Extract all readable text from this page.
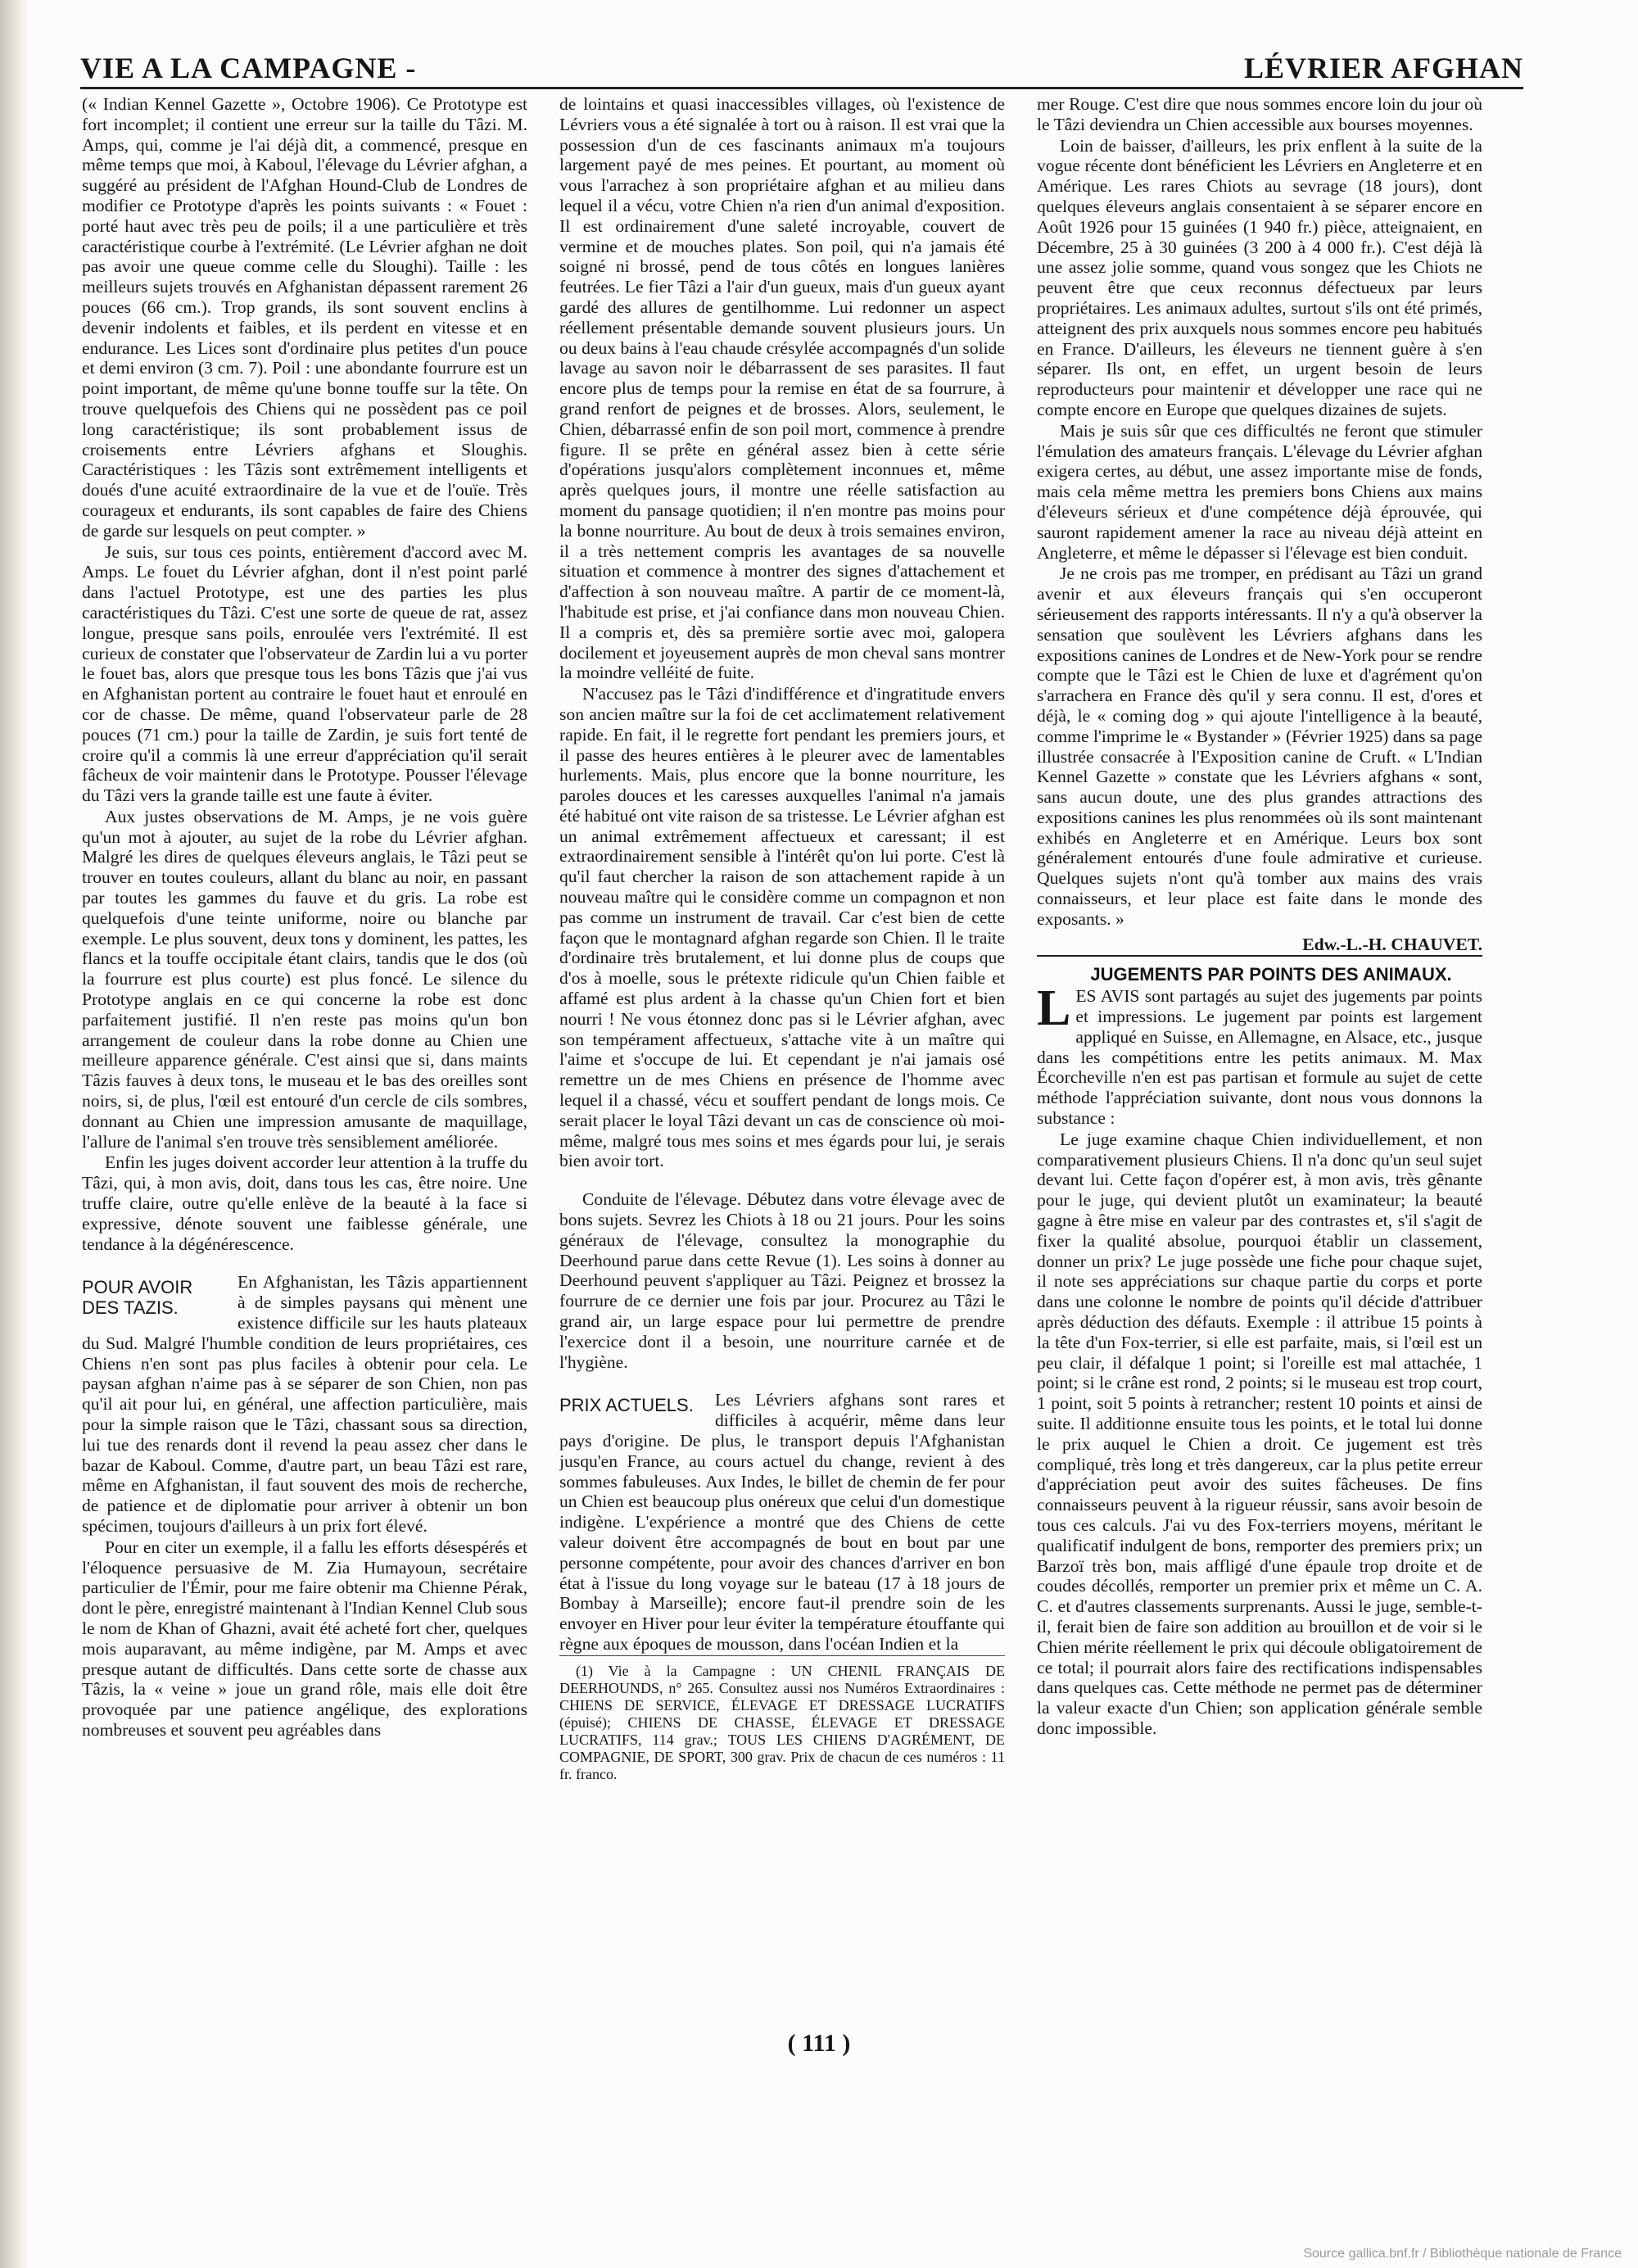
VIE A LA CAMPAGNE -	LÉVRIER AFGHAN

(« Indian Kennel Gazette », Octobre 1906). Ce Prototype est fort incomplet; il contient une erreur sur la taille du Tâzi. M. Amps, qui, comme je l'ai déjà dit, a commencé, presque en même temps que moi, à Kaboul, l'élevage du Lévrier afghan, a suggéré au président de l'Afghan Hound-Club de Londres de modifier ce Prototype d'après les points suivants : « Fouet : porté haut avec très peu de poils; il a une particulière et très caractéristique courbe à l'extrémité. (Le Lévrier afghan ne doit pas avoir une queue comme celle du Sloughi). Taille : les meilleurs sujets trouvés en Afghanistan dépassent rarement 26 pouces (66 cm.). Trop grands, ils sont souvent enclins à devenir indolents et faibles, et ils perdent en vitesse et en endurance. Les Lices sont d'ordinaire plus petites d'un pouce et demi environ (3 cm. 7). Poil : une abondante fourrure est un point important, de même qu'une bonne touffe sur la tête. On trouve quelquefois des Chiens qui ne possèdent pas ce poil long caractéristique; ils sont probablement issus de croisements entre Lévriers afghans et Sloughis. Caractéristiques : les Tâzis sont extrêmement intelligents et doués d'une acuité extraordinaire de la vue et de l'ouïe. Très courageux et endurants, ils sont capables de faire des Chiens de garde sur lesquels on peut compter. »

Je suis, sur tous ces points, entièrement d'accord avec M. Amps. Le fouet du Lévrier afghan, dont il n'est point parlé dans l'actuel Prototype, est une des parties les plus caractéristiques du Tâzi. C'est une sorte de queue de rat, assez longue, presque sans poils, enroulée vers l'extrémité. Il est curieux de constater que l'observateur de Zardin lui a vu porter le fouet bas, alors que presque tous les bons Tâzis que j'ai vus en Afghanistan portent au contraire le fouet haut et enroulé en cor de chasse. De même, quand l'observateur parle de 28 pouces (71 cm.) pour la taille de Zardin, je suis fort tenté de croire qu'il a commis là une erreur d'appréciation qu'il serait fâcheux de voir maintenir dans le Prototype. Pousser l'élevage du Tâzi vers la grande taille est une faute à éviter.

Aux justes observations de M. Amps, je ne vois guère qu'un mot à ajouter, au sujet de la robe du Lévrier afghan. Malgré les dires de quelques éleveurs anglais, le Tâzi peut se trouver en toutes couleurs, allant du blanc au noir, en passant par toutes les gammes du fauve et du gris. La robe est quelquefois d'une teinte uniforme, noire ou blanche par exemple. Le plus souvent, deux tons y dominent, les pattes, les flancs et la touffe occipitale étant clairs, tandis que le dos (où la fourrure est plus courte) est plus foncé. Le silence du Prototype anglais en ce qui concerne la robe est donc parfaitement justifié. Il n'en reste pas moins qu'un bon arrangement de couleur dans la robe donne au Chien une meilleure apparence générale. C'est ainsi que si, dans maints Tâzis fauves à deux tons, le museau et le bas des oreilles sont noirs, si, de plus, l'œil est entouré d'un cercle de cils sombres, donnant au Chien une impression amusante de maquillage, l'allure de l'animal s'en trouve très sensiblement améliorée.

Enfin les juges doivent accorder leur attention à la truffe du Tâzi, qui, à mon avis, doit, dans tous les cas, être noire. Une truffe claire, outre qu'elle enlève de la beauté à la face si expressive, dénote souvent une faiblesse générale, une tendance à la dégénérescence.

POUR AVOIR DES TAZIS.
En Afghanistan, les Tâzis appartiennent à de simples paysans qui mènent une existence difficile sur les hauts plateaux du Sud. Malgré l'humble condition de leurs propriétaires, ces Chiens n'en sont pas plus faciles à obtenir pour cela. Le paysan afghan n'aime pas à se séparer de son Chien, non pas qu'il ait pour lui, en général, une affection particulière, mais pour la simple raison que le Tâzi, chassant sous sa direction, lui tue des renards dont il revend la peau assez cher dans le bazar de Kaboul. Comme, d'autre part, un beau Tâzi est rare, même en Afghanistan, il faut souvent des mois de recherche, de patience et de diplomatie pour arriver à obtenir un bon spécimen, toujours d'ailleurs à un prix fort élevé.

Pour en citer un exemple, il a fallu les efforts désespérés et l'éloquence persuasive de M. Zia Humayoun, secrétaire particulier de l'Émir, pour me faire obtenir ma Chienne Pérak, dont le père, enregistré maintenant à l'Indian Kennel Club sous le nom de Khan of Ghazni, avait été acheté fort cher, quelques mois auparavant, au même indigène, par M. Amps et avec presque autant de difficultés. Dans cette sorte de chasse aux Tâzis, la « veine » joue un grand rôle, mais elle doit être provoquée par une patience angélique, des explorations nombreuses et souvent peu agréables dans

de lointains et quasi inaccessibles villages, où l'existence de Lévriers vous a été signalée à tort ou à raison. Il est vrai que la possession d'un de ces fascinants animaux m'a toujours largement payé de mes peines. Et pourtant, au moment où vous l'arrachez à son propriétaire afghan et au milieu dans lequel il a vécu, votre Chien n'a rien d'un animal d'exposition. Il est ordinairement d'une saleté incroyable, couvert de vermine et de mouches plates. Son poil, qui n'a jamais été soigné ni brossé, pend de tous côtés en longues lanières feutrées. Le fier Tâzi a l'air d'un gueux, mais d'un gueux ayant gardé des allures de gentilhomme. Lui redonner un aspect réellement présentable demande souvent plusieurs jours. Un ou deux bains à l'eau chaude crésylée accompagnés d'un solide lavage au savon noir le débarrassent de ses parasites. Il faut encore plus de temps pour la remise en état de sa fourrure, à grand renfort de peignes et de brosses. Alors, seulement, le Chien, débarrassé enfin de son poil mort, commence à prendre figure. Il se prête en général assez bien à cette série d'opérations jusqu'alors complètement inconnues et, même après quelques jours, il montre une réelle satisfaction au moment du pansage quotidien; il n'en montre pas moins pour la bonne nourriture. Au bout de deux à trois semaines environ, il a très nettement compris les avantages de sa nouvelle situation et commence à montrer des signes d'attachement et d'affection à son nouveau maître. A partir de ce moment-là, l'habitude est prise, et j'ai confiance dans mon nouveau Chien. Il a compris et, dès sa première sortie avec moi, galopera docilement et joyeusement auprès de mon cheval sans montrer la moindre velléité de fuite.

N'accusez pas le Tâzi d'indifférence et d'ingratitude envers son ancien maître sur la foi de cet acclimatement relativement rapide. En fait, il le regrette fort pendant les premiers jours, et il passe des heures entières à le pleurer avec de lamentables hurlements. Mais, plus encore que la bonne nourriture, les paroles douces et les caresses auxquelles l'animal n'a jamais été habitué ont vite raison de sa tristesse. Le Lévrier afghan est un animal extrêmement affectueux et caressant; il est extraordinairement sensible à l'intérêt qu'on lui porte. C'est là qu'il faut chercher la raison de son attachement rapide à un nouveau maître qui le considère comme un compagnon et non pas comme un instrument de travail. Car c'est bien de cette façon que le montagnard afghan regarde son Chien. Il le traite d'ordinaire très brutalement, et lui donne plus de coups que d'os à moelle, sous le prétexte ridicule qu'un Chien faible et affamé est plus ardent à la chasse qu'un Chien fort et bien nourri ! Ne vous étonnez donc pas si le Lévrier afghan, avec son tempérament affectueux, s'attache vite à un maître qui l'aime et s'occupe de lui. Et cependant je n'ai jamais osé remettre un de mes Chiens en présence de l'homme avec lequel il a chassé, vécu et souffert pendant de longs mois. Ce serait placer le loyal Tâzi devant un cas de conscience où moi-même, malgré tous mes soins et mes égards pour lui, je serais bien avoir tort.

Conduite de l'élevage. Débutez dans votre élevage avec de bons sujets. Sevrez les Chiots à 18 ou 21 jours. Pour les soins généraux de l'élevage, consultez la monographie du Deerhound parue dans cette Revue (1). Les soins à donner au Deerhound peuvent s'appliquer au Tâzi. Peignez et brossez la fourrure de ce dernier une fois par jour. Procurez au Tâzi le grand air, un large espace pour lui permettre de prendre l'exercice dont il a besoin, une nourriture carnée et de l'hygiène.

PRIX ACTUELS.	Les Lévriers afghans sont rares et difficiles à acquérir, même dans leur pays d'origine. De plus, le transport depuis l'Afghanistan jusqu'en France, au cours actuel du change, revient à des sommes fabuleuses. Aux Indes, le billet de chemin de fer pour un Chien est beaucoup plus onéreux que celui d'un domestique indigène. L'expérience a montré que des Chiens de cette valeur doivent être accompagnés de bout en bout par une personne compétente, pour avoir des chances d'arriver en bon état à l'issue du long voyage sur le bateau (17 à 18 jours de Bombay à Marseille); encore faut-il prendre soin de les envoyer en Hiver pour leur éviter la température étouffante qui règne aux époques de mousson, dans l'océan Indien et la

(1) Vie à la Campagne : UN CHENIL FRANÇAIS DE DEERHOUNDS, n° 265. Consultez aussi nos Numéros Extraordinaires : CHIENS DE SERVICE, ÉLEVAGE ET DRESSAGE LUCRATIFS (épuisé); CHIENS DE CHASSE, ÉLEVAGE ET DRESSAGE LUCRATIFS, 114 grav.; TOUS LES CHIENS D'AGRÉMENT, DE COMPAGNIE, DE SPORT, 300 grav. Prix de chacun de ces numéros : 11 fr. franco.

mer Rouge. C'est dire que nous sommes encore loin du jour où le Tâzi deviendra un Chien accessible aux bourses moyennes.

Loin de baisser, d'ailleurs, les prix enflent à la suite de la vogue récente dont bénéficient les Lévriers en Angleterre et en Amérique. Les rares Chiots au sevrage (18 jours), dont quelques éleveurs anglais consentaient à se séparer encore en Août 1926 pour 15 guinées (1 940 fr.) pièce, atteignaient, en Décembre, 25 à 30 guinées (3 200 à 4 000 fr.). C'est déjà là une assez jolie somme, quand vous songez que les Chiots ne peuvent être que ceux reconnus défectueux par leurs propriétaires. Les animaux adultes, surtout s'ils ont été primés, atteignent des prix auxquels nous sommes encore peu habitués en France. D'ailleurs, les éleveurs ne tiennent guère à s'en séparer. Ils ont, en effet, un urgent besoin de leurs reproducteurs pour maintenir et développer une race qui ne compte encore en Europe que quelques dizaines de sujets.

Mais je suis sûr que ces difficultés ne feront que stimuler l'émulation des amateurs français. L'élevage du Lévrier afghan exigera certes, au début, une assez importante mise de fonds, mais cela même mettra les premiers bons Chiens aux mains d'éleveurs sérieux et d'une compétence déjà éprouvée, qui sauront rapidement amener la race au niveau déjà atteint en Angleterre, et même le dépasser si l'élevage est bien conduit.

Je ne crois pas me tromper, en prédisant au Tâzi un grand avenir et aux éleveurs français qui s'en occuperont sérieusement des rapports intéressants. Il n'y a qu'à observer la sensation que soulèvent les Lévriers afghans dans les expositions canines de Londres et de New-York pour se rendre compte que le Tâzi est le Chien de luxe et d'agrément qu'on s'arrachera en France dès qu'il y sera connu. Il est, d'ores et déjà, le « coming dog » qui ajoute l'intelligence à la beauté, comme l'imprime le « Bystander » (Février 1925) dans sa page illustrée consacrée à l'Exposition canine de Cruft. « L'Indian Kennel Gazette » constate que les Lévriers afghans « sont, sans aucun doute, une des plus grandes attractions des expositions canines les plus renommées où ils sont maintenant exhibés en Angleterre et en Amérique. Leurs box sont généralement entourés d'une foule admirative et curieuse. Quelques sujets n'ont qu'à tomber aux mains des vrais connaisseurs, et leur place est faite dans le monde des exposants. »

Edw.-L.-H. CHAUVET.

JUGEMENTS PAR POINTS DES ANIMAUX.

LES AVIS sont partagés au sujet des jugements par points et impressions. Le jugement par points est largement appliqué en Suisse, en Allemagne, en Alsace, etc., jusque dans les compétitions entre les petits animaux. M. Max Écorcheville n'en est pas partisan et formule au sujet de cette méthode l'appréciation suivante, dont nous vous donnons la substance :

Le juge examine chaque Chien individuellement, et non comparativement plusieurs Chiens. Il n'a donc qu'un seul sujet devant lui. Cette façon d'opérer est, à mon avis, très gênante pour le juge, qui devient plutôt un examinateur; la beauté gagne à être mise en valeur par des contrastes et, s'il s'agit de fixer la qualité absolue, pourquoi établir un classement, donner un prix? Le juge possède une fiche pour chaque sujet, il note ses appréciations sur chaque partie du corps et porte dans une colonne le nombre de points qu'il décide d'attribuer après déduction des défauts. Exemple : il attribue 15 points à la tête d'un Fox-terrier, si elle est parfaite, mais, si l'œil est un peu clair, il défalque 1 point; si l'oreille est mal attachée, 1 point; si le crâne est rond, 2 points; si le museau est trop court, 1 point, soit 5 points à retrancher; restent 10 points et ainsi de suite. Il additionne ensuite tous les points, et le total lui donne le prix auquel le Chien a droit. Ce jugement est très compliqué, très long et très dangereux, car la plus petite erreur d'appréciation peut avoir des suites fâcheuses. De fins connaisseurs peuvent à la rigueur réussir, sans avoir besoin de tous ces calculs. J'ai vu des Fox-terriers moyens, méritant le qualificatif indulgent de bons, remporter des premiers prix; un Barzoï très bon, mais affligé d'une épaule trop droite et de coudes décollés, remporter un premier prix et même un C. A. C. et d'autres classements surprenants. Aussi le juge, semble-t-il, ferait bien de faire son addition au brouillon et de voir si le Chien mérite réellement le prix qui découle obligatoirement de ce total; il pourrait alors faire des rectifications indispensables dans quelques cas. Cette méthode ne permet pas de déterminer la valeur exacte d'un Chien; son application générale semble donc impossible.

( 111 )

Source gallica.bnf.fr / Bibliothèque nationale de France
